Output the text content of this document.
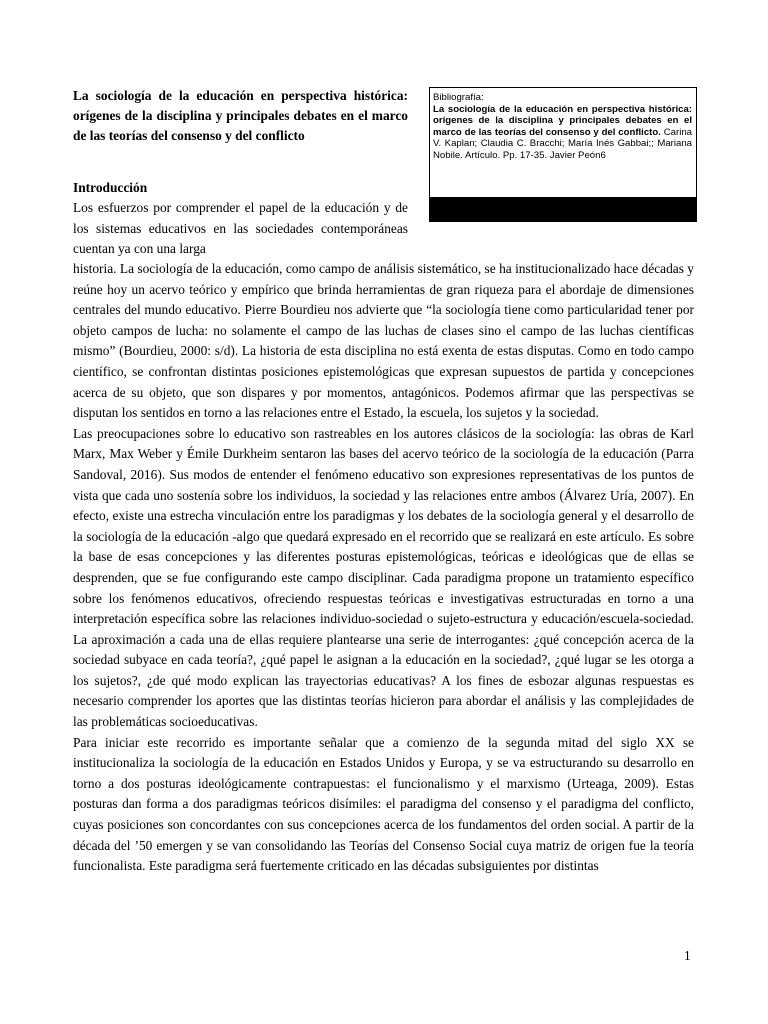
La sociología de la educación en perspectiva histórica: orígenes de la disciplina y principales debates en el marco de las teorías del consenso y del conflicto
Bibliografía:
La sociología de la educación en perspectiva histórica: orígenes de la disciplina y principales debates en el marco de las teorías del consenso y del conflicto. Carina V. Kaplan; Claudia C. Bracchi; María Inés Gabbai;; Mariana Nobile. Artículo. Pp. 17-35. Javier Peón6
Introducción

Los esfuerzos por comprender el papel de la educación y de los sistemas educativos en las sociedades contemporáneas cuentan ya con una larga

historia. La sociología de la educación, como campo de análisis sistemático, se ha institucionalizado hace décadas y reúne hoy un acervo teórico y empírico que brinda herramientas de gran riqueza para el abordaje de dimensiones centrales del mundo educativo. Pierre Bourdieu nos advierte que “la sociología tiene como particularidad tener por objeto campos de lucha: no solamente el campo de las luchas de clases sino el campo de las luchas científicas mismo” (Bourdieu, 2000: s/d). La historia de esta disciplina no está exenta de estas disputas. Como en todo campo científico, se confrontan distintas posiciones epistemológicas que expresan supuestos de partida y concepciones acerca de su objeto, que son dispares y por momentos, antagónicos. Podemos afirmar que las perspectivas se disputan los sentidos en torno a las relaciones entre el Estado, la escuela, los sujetos y la sociedad.

Las preocupaciones sobre lo educativo son rastreables en los autores clásicos de la sociología: las obras de Karl Marx, Max Weber y Émile Durkheim sentaron las bases del acervo teórico de la sociología de la educación (Parra Sandoval, 2016). Sus modos de entender el fenómeno educativo son expresiones representativas de los puntos de vista que cada uno sostenía sobre los individuos, la sociedad y las relaciones entre ambos (Álvarez Uría, 2007). En efecto, existe una estrecha vinculación entre los paradigmas y los debates de la sociología general y el desarrollo de la sociología de la educación -algo que quedará expresado en el recorrido que se realizará en este artículo. Es sobre la base de esas concepciones y las diferentes posturas epistemológicas, teóricas e ideológicas que de ellas se desprenden, que se fue configurando este campo disciplinar. Cada paradigma propone un tratamiento específico sobre los fenómenos educativos, ofreciendo respuestas teóricas e investigativas estructuradas en torno a una interpretación específica sobre las relaciones individuo-sociedad o sujeto-estructura y educación/escuela-sociedad. La aproximación a cada una de ellas requiere plantearse una serie de interrogantes: ¿qué concepción acerca de la sociedad subyace en cada teoría?, ¿qué papel le asignan a la educación en la sociedad?, ¿qué lugar se les otorga a los sujetos?, ¿de qué modo explican las trayectorias educativas? A los fines de esbozar algunas respuestas es necesario comprender los aportes que las distintas teorías hicieron para abordar el análisis y las complejidades de las problemáticas socioeducativas.

Para iniciar este recorrido es importante señalar que a comienzo de la segunda mitad del siglo XX se institucionaliza la sociología de la educación en Estados Unidos y Europa, y se va estructurando su desarrollo en torno a dos posturas ideológicamente contrapuestas: el funcionalismo y el marxismo (Urteaga, 2009). Estas posturas dan forma a dos paradigmas teóricos disímiles: el paradigma del consenso y el paradigma del conflicto, cuyas posiciones son concordantes con sus concepciones acerca de los fundamentos del orden social. A partir de la década del ’50 emergen y se van consolidando las Teorías del Consenso Social cuya matriz de origen fue la teoría funcionalista. Este paradigma será fuertemente criticado en las décadas subsiguientes por distintas

1
